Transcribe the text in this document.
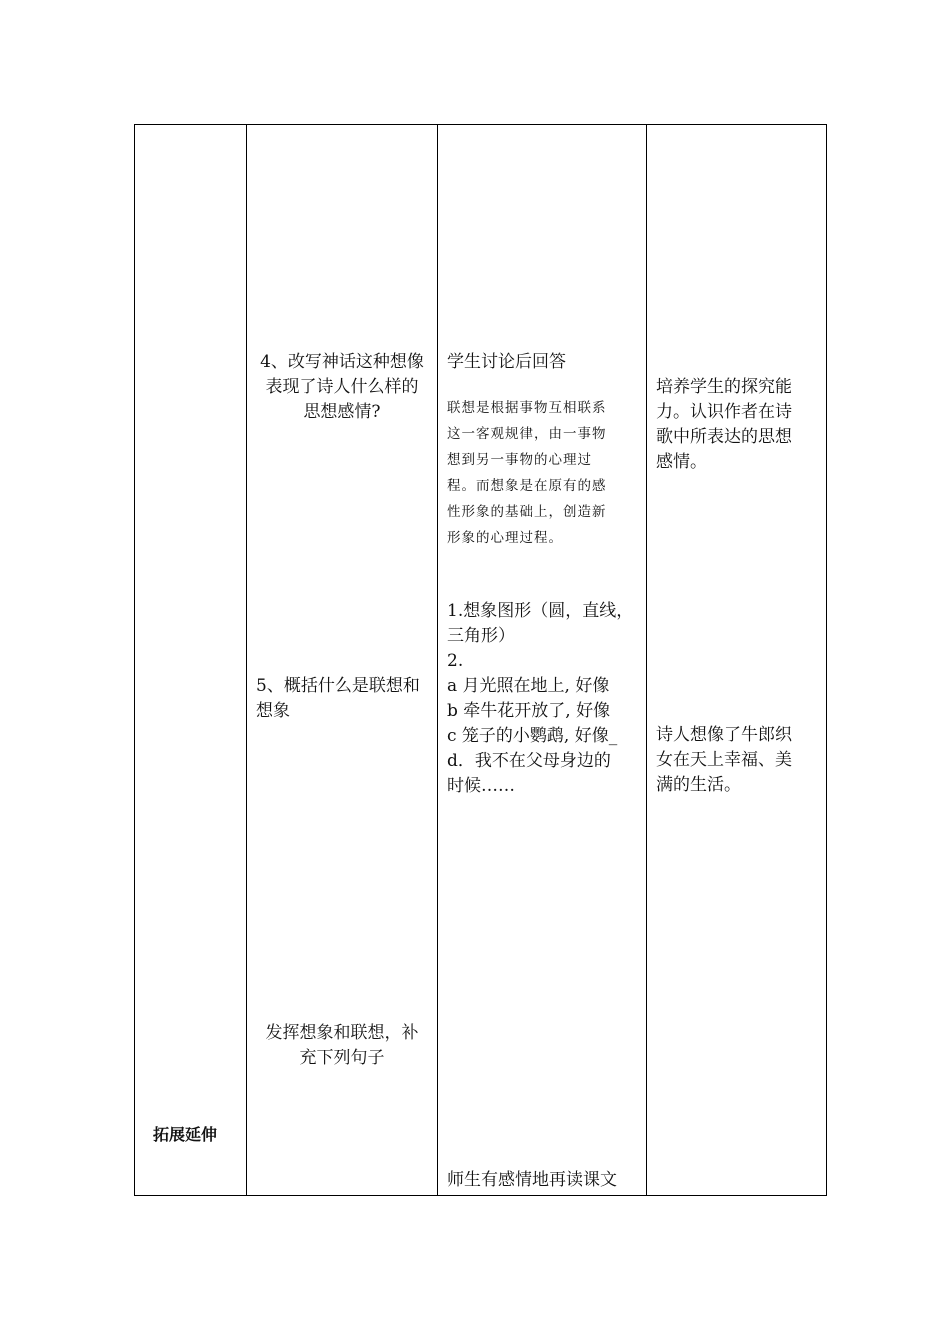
拓展延伸
4、改写神话这种想像
表现了诗人什么样的
思想感情?
5、概括什么是联想和
想象
发挥想象和联想，补
充下列句子
学生讨论后回答
联想是根据事物互相联系
这一客观规律，由一事物
想到另一事物的心理过
程。而想象是在原有的感
性形象的基础上，创造新
形象的心理过程。
1.想象图形（圆，直线，
三角形）
2.
a 月光照在地上, 好像
b 牵牛花开放了, 好像
c 笼子的小鹦鹉, 好像_
d．我不在父母身边的
时候……
师生有感情地再读课文
培养学生的探究能
力。认识作者在诗
歌中所表达的思想
感情。
诗人想像了牛郎织
女在天上幸福、美
满的生活。
